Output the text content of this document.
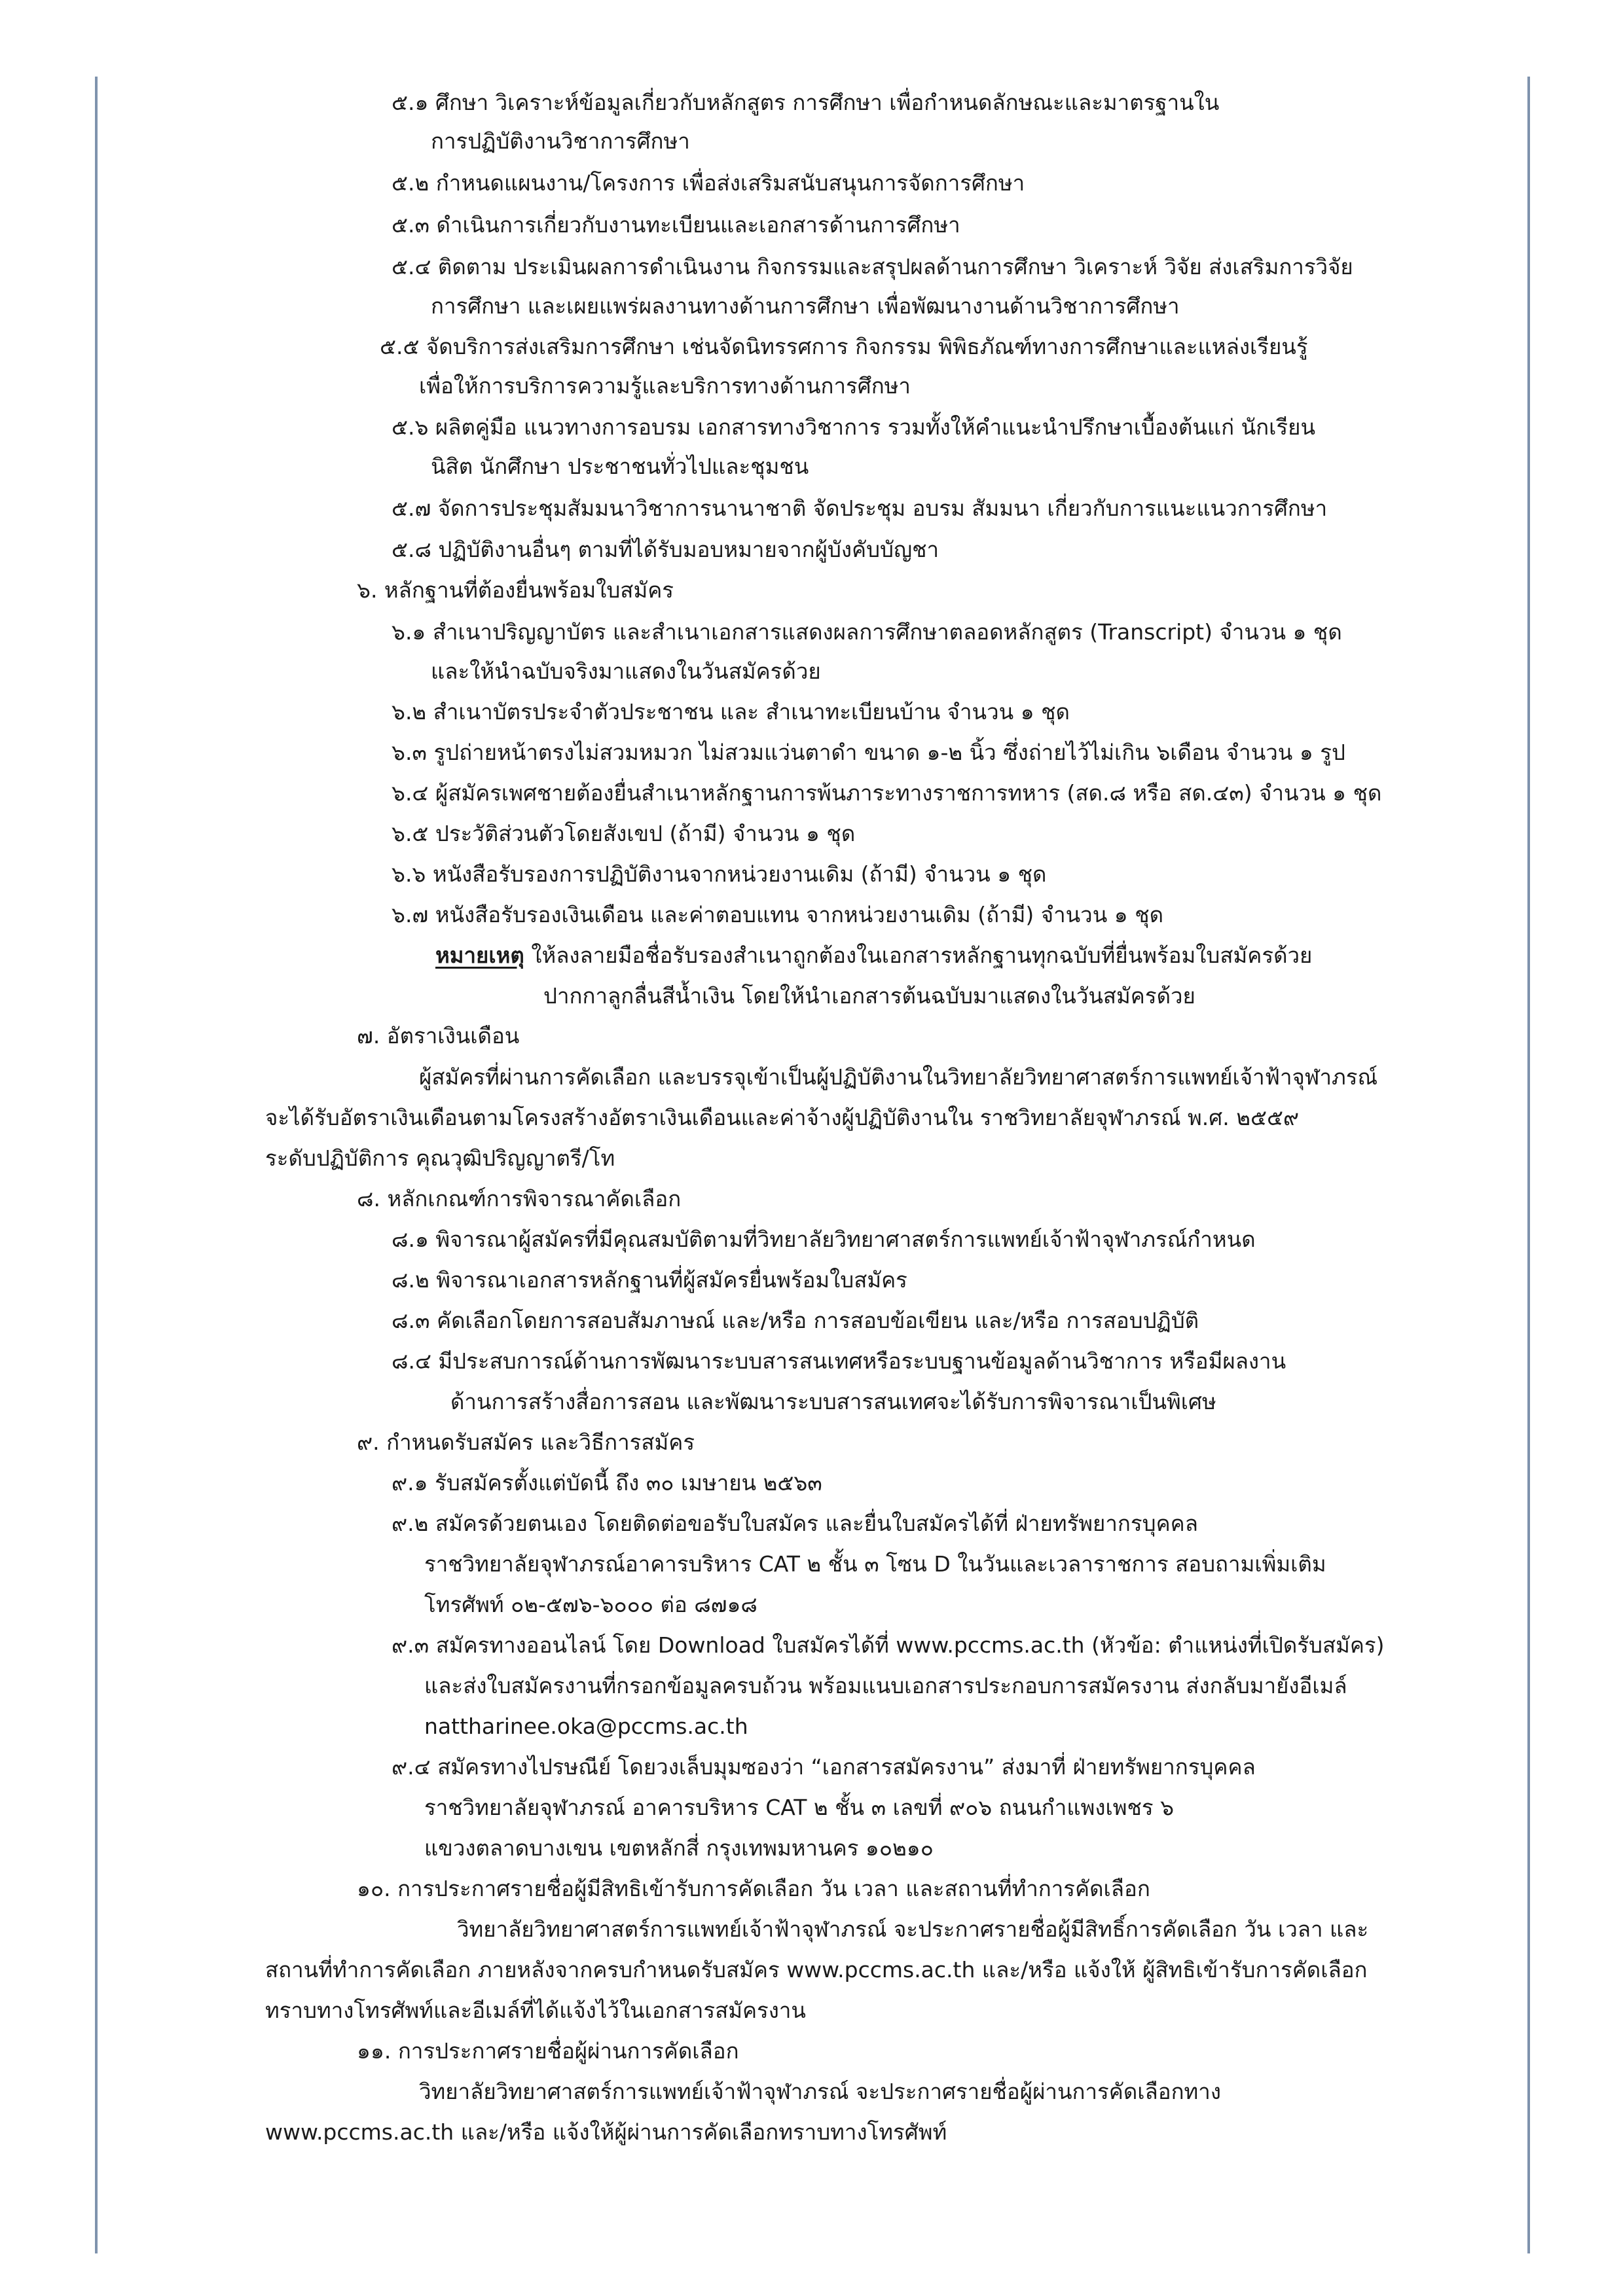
๕.๑ ศึกษา วิเคราะห์ข้อมูลเกี่ยวกับหลักสูตร การศึกษา เพื่อกำหนดลักษณะและมาตรฐานใน

การปฏิบัติงานวิชาการศึกษา

๕.๒ กำหนดแผนงาน/โครงการ เพื่อส่งเสริมสนับสนุนการจัดการศึกษา

๕.๓ ดำเนินการเกี่ยวกับงานทะเบียนและเอกสารด้านการศึกษา

๕.๔ ติดตาม ประเมินผลการดำเนินงาน กิจกรรมและสรุปผลด้านการศึกษา วิเคราะห์ วิจัย ส่งเสริมการวิจัย

การศึกษา และเผยแพร่ผลงานทางด้านการศึกษา เพื่อพัฒนางานด้านวิชาการศึกษา

๕.๕ จัดบริการส่งเสริมการศึกษา เช่นจัดนิทรรศการ กิจกรรม พิพิธภัณฑ์ทางการศึกษาและแหล่งเรียนรู้

เพื่อให้การบริการความรู้และบริการทางด้านการศึกษา

๕.๖ ผลิตคู่มือ แนวทางการอบรม เอกสารทางวิชาการ รวมทั้งให้คำแนะนำปรึกษาเบื้องต้นแก่ นักเรียน

นิสิต นักศึกษา ประชาชนทั่วไปและชุมชน

๕.๗ จัดการประชุมสัมมนาวิชาการนานาชาติ จัดประชุม อบรม สัมมนา เกี่ยวกับการแนะแนวการศึกษา

๕.๘ ปฏิบัติงานอื่นๆ ตามที่ได้รับมอบหมายจากผู้บังคับบัญชา

๖. หลักฐานที่ต้องยื่นพร้อมใบสมัคร

๖.๑ สำเนาปริญญาบัตร และสำเนาเอกสารแสดงผลการศึกษาตลอดหลักสูตร (Transcript) จำนวน ๑ ชุด

และให้นำฉบับจริงมาแสดงในวันสมัครด้วย

๖.๒ สำเนาบัตรประจำตัวประชาชน และ สำเนาทะเบียนบ้าน จำนวน ๑ ชุด

๖.๓ รูปถ่ายหน้าตรงไม่สวมหมวก ไม่สวมแว่นตาดำ ขนาด ๑-๒ นิ้ว ซึ่งถ่ายไว้ไม่เกิน ๖เดือน จำนวน ๑ รูป

๖.๔ ผู้สมัครเพศชายต้องยื่นสำเนาหลักฐานการพ้นภาระทางราชการทหาร (สด.๘ หรือ สด.๔๓) จำนวน ๑ ชุด

๖.๕ ประวัติส่วนตัวโดยสังเขป (ถ้ามี) จำนวน ๑ ชุด

๖.๖ หนังสือรับรองการปฏิบัติงานจากหน่วยงานเดิม (ถ้ามี) จำนวน ๑ ชุด

๖.๗ หนังสือรับรองเงินเดือน และค่าตอบแทน จากหน่วยงานเดิม (ถ้ามี) จำนวน ๑ ชุด

หมายเหตุ ให้ลงลายมือชื่อรับรองสำเนาถูกต้องในเอกสารหลักฐานทุกฉบับที่ยื่นพร้อมใบสมัครด้วย

ปากกาลูกลื่นสีน้ำเงิน โดยให้นำเอกสารต้นฉบับมาแสดงในวันสมัครด้วย

๗. อัตราเงินเดือน

ผู้สมัครที่ผ่านการคัดเลือก และบรรจุเข้าเป็นผู้ปฏิบัติงานในวิทยาลัยวิทยาศาสตร์การแพทย์เจ้าฟ้าจุฬาภรณ์

จะได้รับอัตราเงินเดือนตามโครงสร้างอัตราเงินเดือนและค่าจ้างผู้ปฏิบัติงานใน ราชวิทยาลัยจุฬาภรณ์ พ.ศ. ๒๕๕๙

ระดับปฏิบัติการ คุณวุฒิปริญญาตรี/โท

๘. หลักเกณฑ์การพิจารณาคัดเลือก

๘.๑ พิจารณาผู้สมัครที่มีคุณสมบัติตามที่วิทยาลัยวิทยาศาสตร์การแพทย์เจ้าฟ้าจุฬาภรณ์กำหนด

๘.๒ พิจารณาเอกสารหลักฐานที่ผู้สมัครยื่นพร้อมใบสมัคร

๘.๓ คัดเลือกโดยการสอบสัมภาษณ์ และ/หรือ การสอบข้อเขียน และ/หรือ การสอบปฏิบัติ

๘.๔ มีประสบการณ์ด้านการพัฒนาระบบสารสนเทศหรือระบบฐานข้อมูลด้านวิชาการ หรือมีผลงาน

ด้านการสร้างสื่อการสอน และพัฒนาระบบสารสนเทศจะได้รับการพิจารณาเป็นพิเศษ

๙. กำหนดรับสมัคร และวิธีการสมัคร

๙.๑ รับสมัครตั้งแต่บัดนี้ ถึง ๓๐ เมษายน ๒๕๖๓

๙.๒ สมัครด้วยตนเอง โดยติดต่อขอรับใบสมัคร และยื่นใบสมัครได้ที่ ฝ่ายทรัพยากรบุคคล

ราชวิทยาลัยจุฬาภรณ์อาคารบริหาร CAT ๒ ชั้น ๓ โซน D ในวันและเวลาราชการ สอบถามเพิ่มเติม

โทรศัพท์ ๐๒-๕๗๖-๖๐๐๐ ต่อ ๘๗๑๘

๙.๓ สมัครทางออนไลน์ โดย Download ใบสมัครได้ที่ www.pccms.ac.th (หัวข้อ: ตำแหน่งที่เปิดรับสมัคร)

และส่งใบสมัครงานที่กรอกข้อมูลครบถ้วน พร้อมแนบเอกสารประกอบการสมัครงาน ส่งกลับมายังอีเมล์

nattharinee.oka@pccms.ac.th

๙.๔ สมัครทางไปรษณีย์ โดยวงเล็บมุมซองว่า “เอกสารสมัครงาน” ส่งมาที่ ฝ่ายทรัพยากรบุคคล

ราชวิทยาลัยจุฬาภรณ์ อาคารบริหาร CAT ๒ ชั้น ๓ เลขที่ ๙๐๖ ถนนกำแพงเพชร ๖

แขวงตลาดบางเขน เขตหลักสี่ กรุงเทพมหานคร ๑๐๒๑๐

๑๐. การประกาศรายชื่อผู้มีสิทธิเข้ารับการคัดเลือก วัน เวลา และสถานที่ทำการคัดเลือก

วิทยาลัยวิทยาศาสตร์การแพทย์เจ้าฟ้าจุฬาภรณ์ จะประกาศรายชื่อผู้มีสิทธิ์การคัดเลือก วัน เวลา และ

สถานที่ทำการคัดเลือก ภายหลังจากครบกำหนดรับสมัคร www.pccms.ac.th และ/หรือ แจ้งให้ ผู้สิทธิเข้ารับการคัดเลือก

ทราบทางโทรศัพท์และอีเมล์ที่ได้แจ้งไว้ในเอกสารสมัครงาน

๑๑. การประกาศรายชื่อผู้ผ่านการคัดเลือก

วิทยาลัยวิทยาศาสตร์การแพทย์เจ้าฟ้าจุฬาภรณ์ จะประกาศรายชื่อผู้ผ่านการคัดเลือกทาง

www.pccms.ac.th และ/หรือ แจ้งให้ผู้ผ่านการคัดเลือกทราบทางโทรศัพท์
